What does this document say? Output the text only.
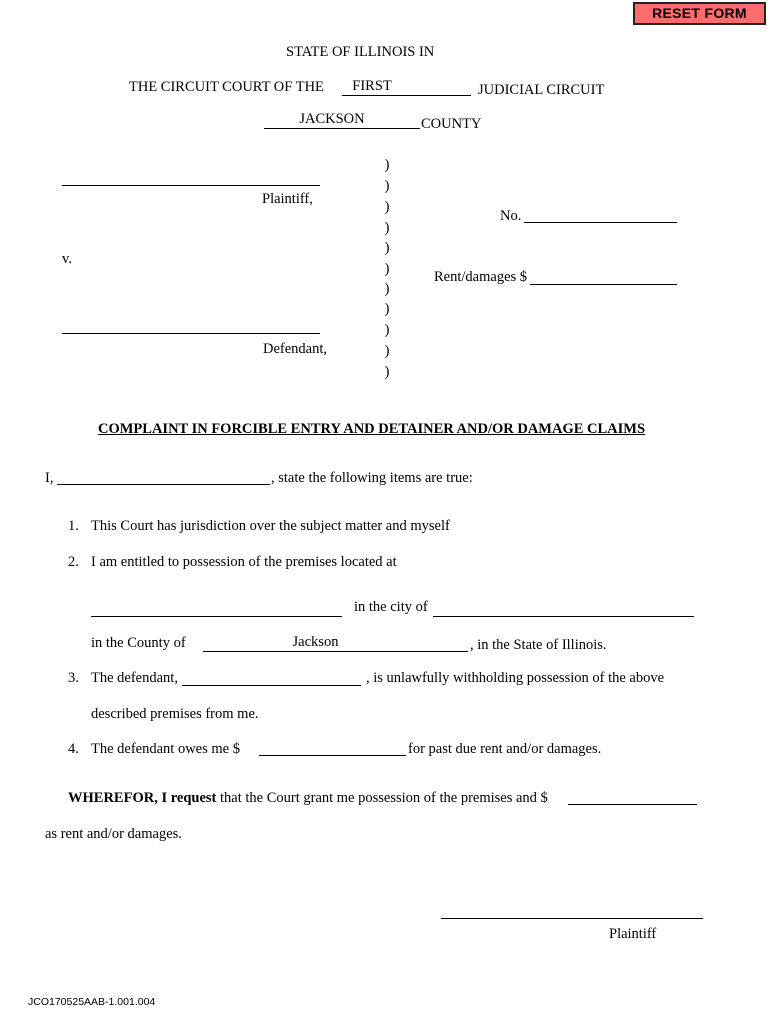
RESET FORM
STATE OF ILLINOIS IN
THE CIRCUIT COURT OF THE	FIRST	JUDICIAL CIRCUIT
JACKSON	COUNTY
Plaintiff,
v.
Defendant,
)
)
)
)
)
)
)
)
)
)
)
No.
Rent/damages $
COMPLAINT IN FORCIBLE ENTRY AND DETAINER AND/OR DAMAGE CLAIMS
I,	, state the following items are true:
1. This Court has jurisdiction over the subject matter and myself
2. I am entitled to possession of the premises located at
in the city of
in the County of	Jackson	, in the State of Illinois.
3. The defendant,	, is unlawfully withholding possession of the above
described premises from me.
4. The defendant owes me $	for past due rent and/or damages.
WHEREFOR, I request that the Court grant me possession of the premises and $
as rent and/or damages.
Plaintiff
JCO170525AAB-1.001.004
